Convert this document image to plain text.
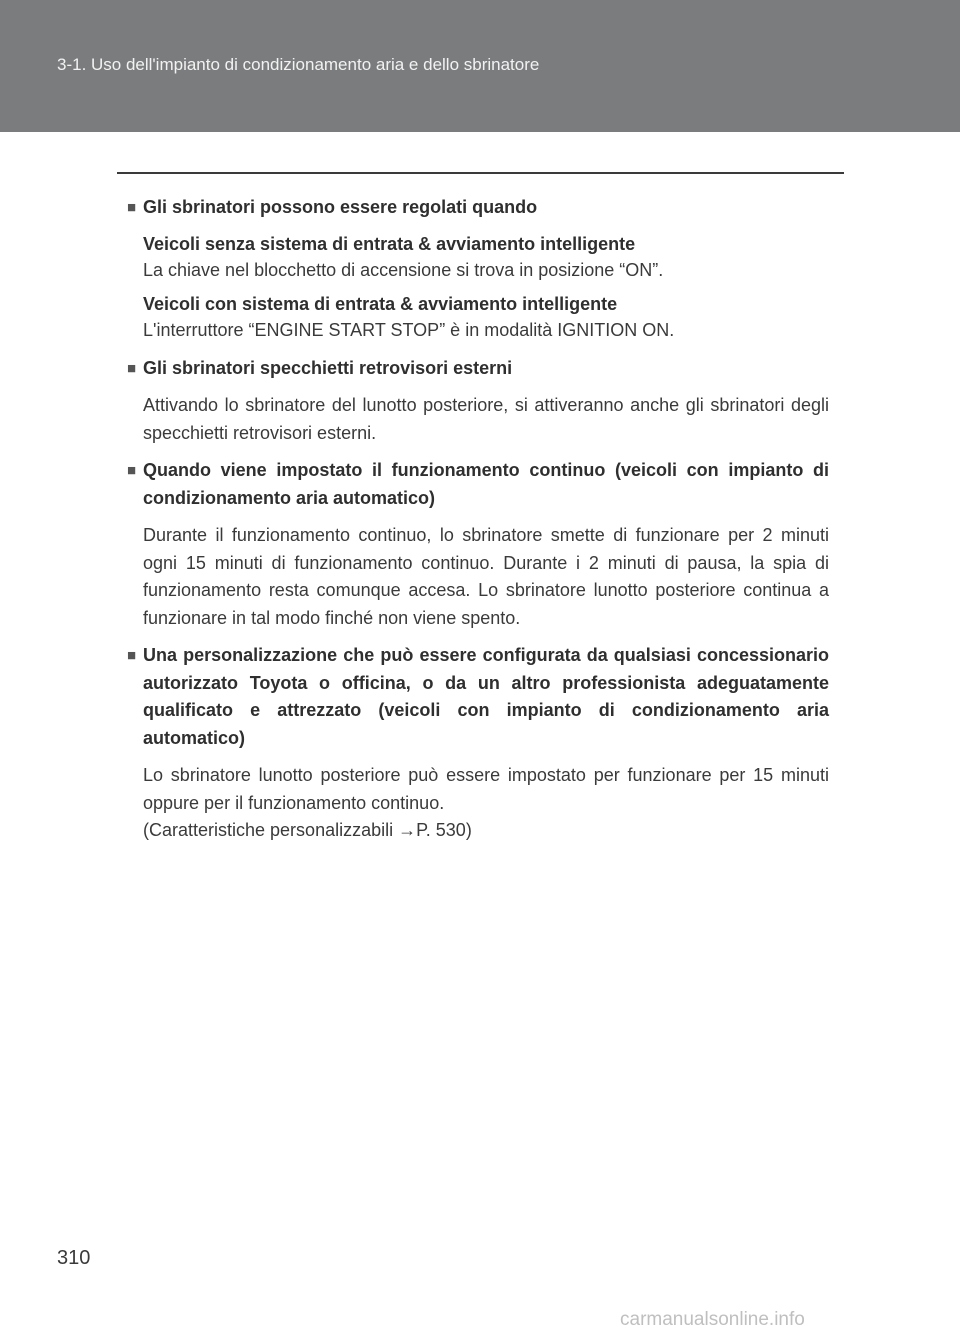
3-1. Uso dell'impianto di condizionamento aria e dello sbrinatore
■ Gli sbrinatori possono essere regolati quando
Veicoli senza sistema di entrata & avviamento intelligente
La chiave nel blocchetto di accensione si trova in posizione “ON”.
Veicoli con sistema di entrata & avviamento intelligente
L'interruttore “ENGINE START STOP” è in modalità IGNITION ON.
■ Gli sbrinatori specchietti retrovisori esterni
Attivando lo sbrinatore del lunotto posteriore, si attiveranno anche gli sbrinatori degli specchietti retrovisori esterni.
■ Quando viene impostato il funzionamento continuo (veicoli con impianto di condizionamento aria automatico)
Durante il funzionamento continuo, lo sbrinatore smette di funzionare per 2 minuti ogni 15 minuti di funzionamento continuo. Durante i 2 minuti di pausa, la spia di funzionamento resta comunque accesa. Lo sbrinatore lunotto posteriore continua a funzionare in tal modo finché non viene spento.
■ Una personalizzazione che può essere configurata da qualsiasi concessionario autorizzato Toyota o officina, o da un altro professionista adeguatamente qualificato e attrezzato (veicoli con impianto di condizionamento aria automatico)
Lo sbrinatore lunotto posteriore può essere impostato per funzionare per 15 minuti oppure per il funzionamento continuo.
(Caratteristiche personalizzabili →P. 530)
310
carmanualsonline.info
